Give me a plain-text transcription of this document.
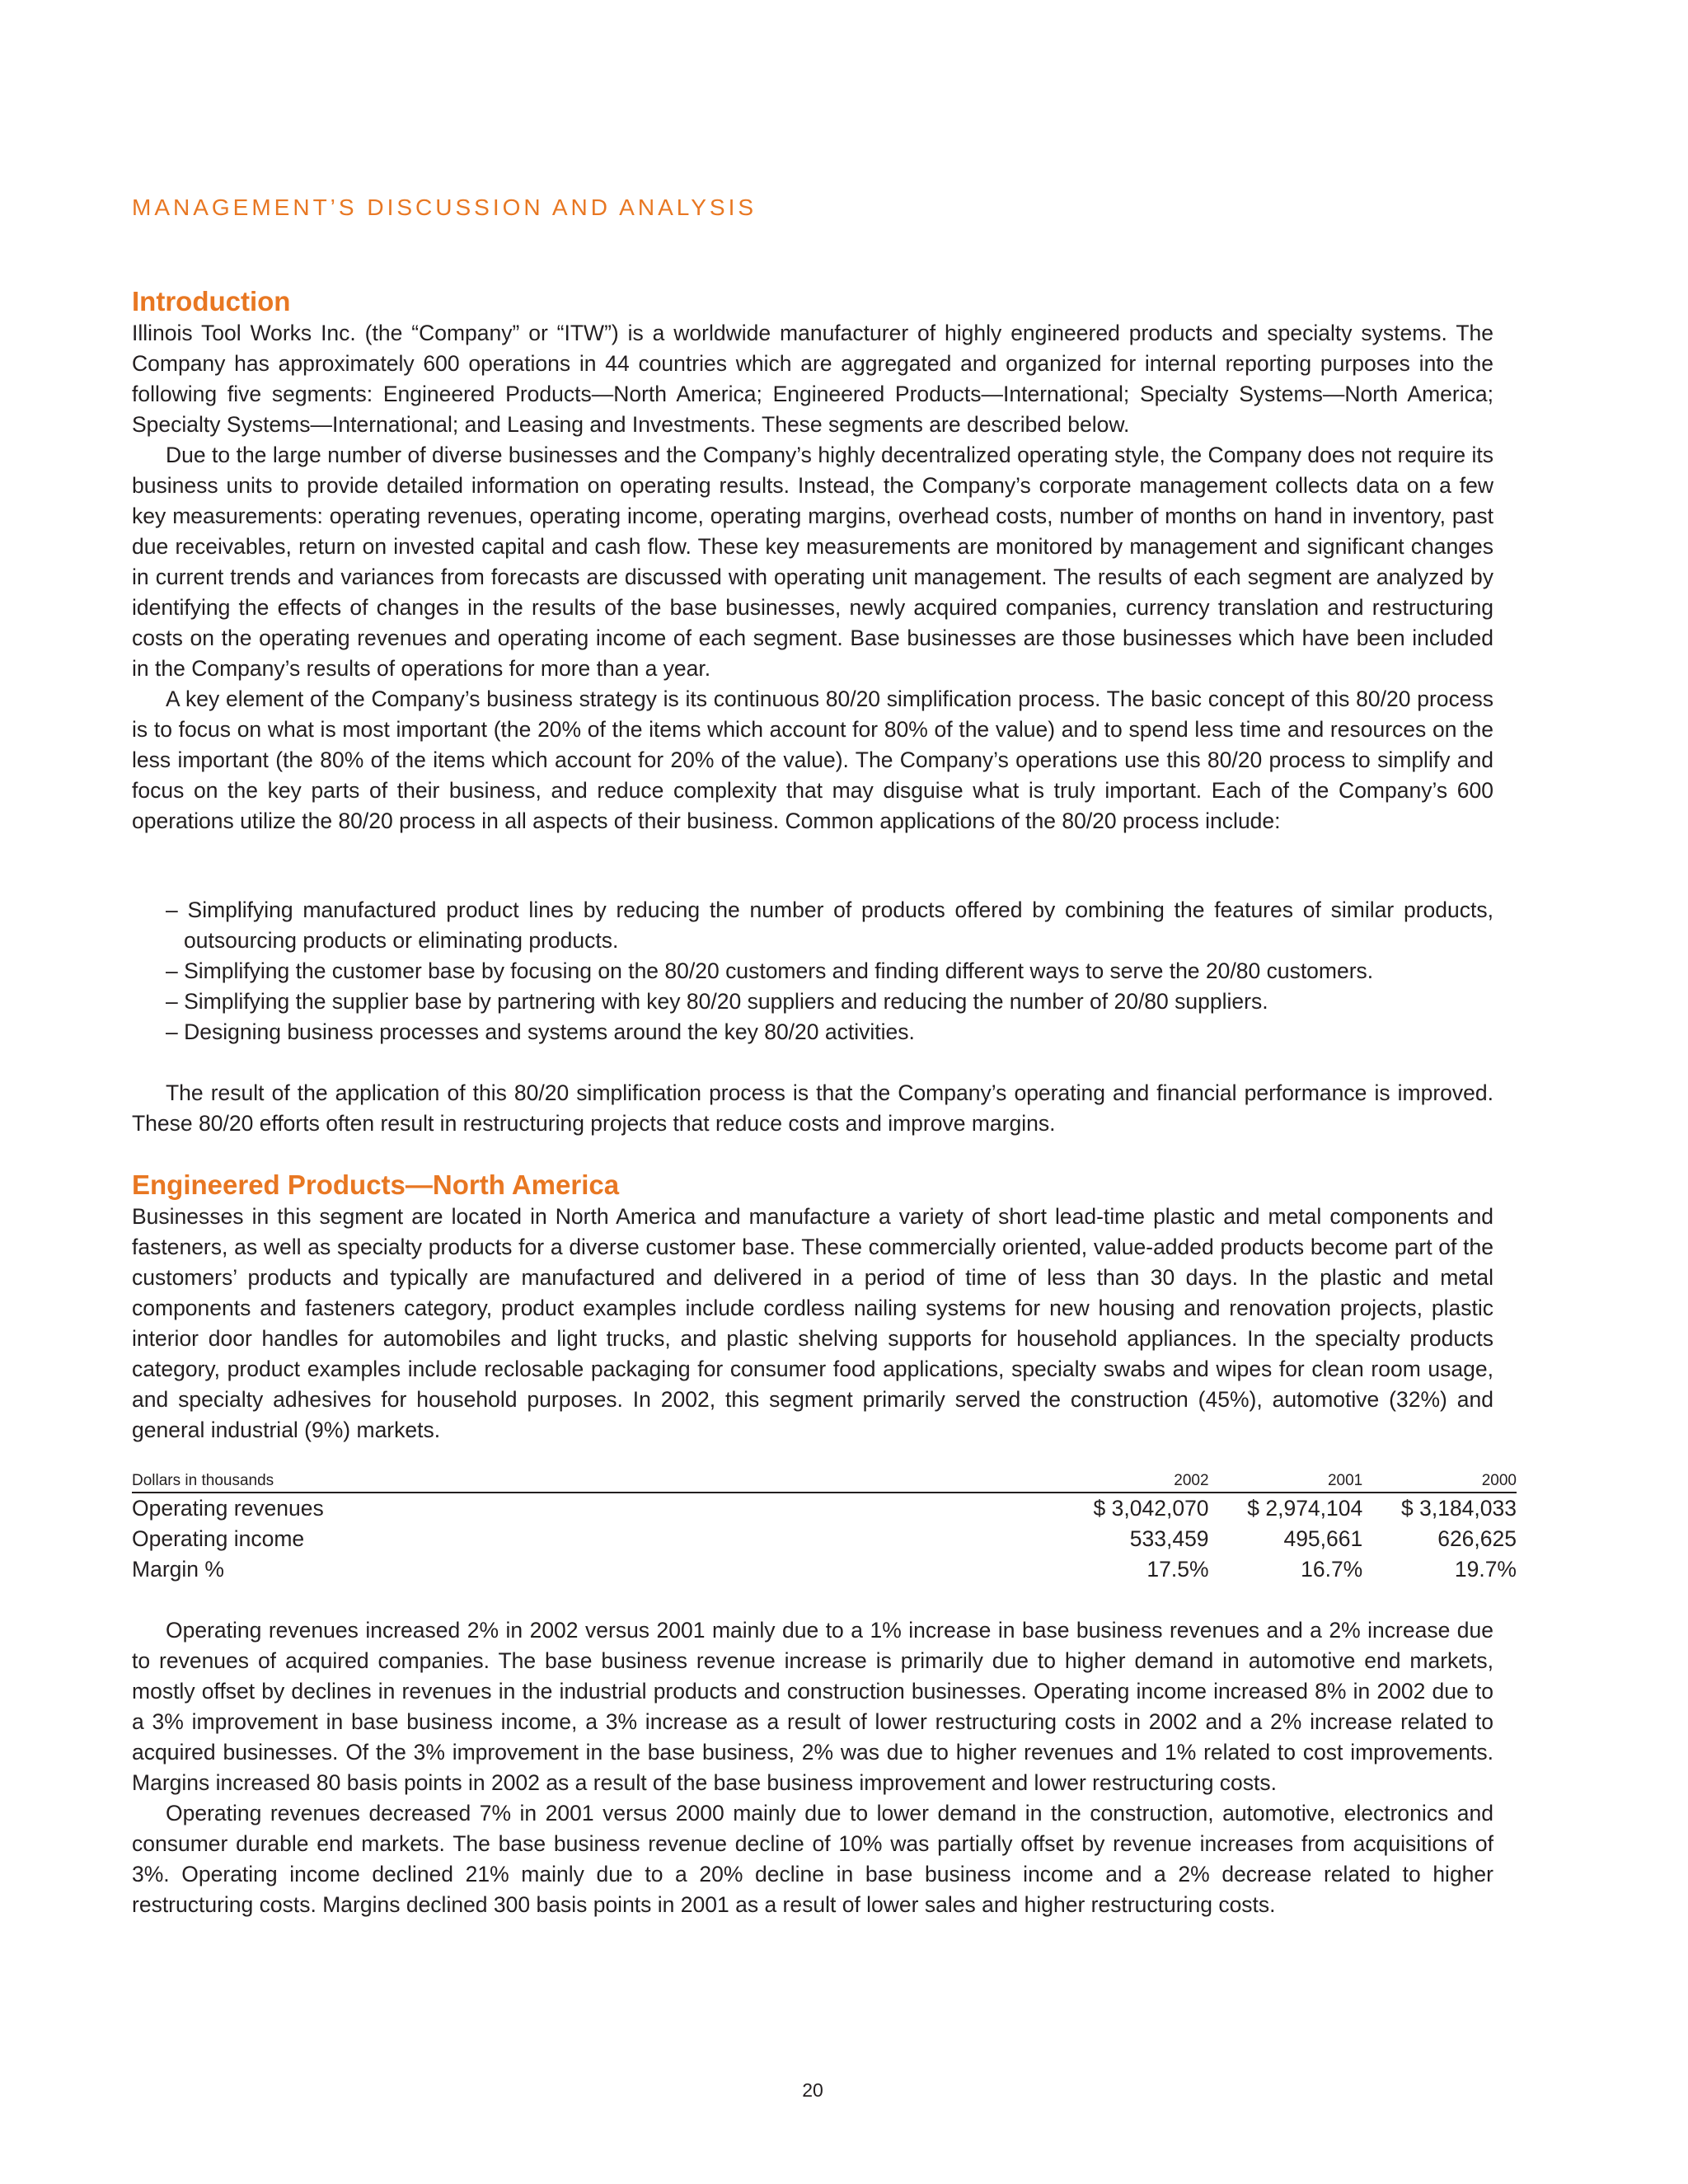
MANAGEMENT’S DISCUSSION AND ANALYSIS
Introduction

Illinois Tool Works Inc. (the “Company” or “ITW”) is a worldwide manufacturer of highly engineered products and specialty systems. The Company has approximately 600 operations in 44 countries which are aggregated and organized for internal reporting purposes into the following five segments: Engineered Products—North America; Engineered Products—International; Specialty Systems—North America; Specialty Systems—International; and Leasing and Investments. These segments are described below.

Due to the large number of diverse businesses and the Company’s highly decentralized operating style, the Company does not require its business units to provide detailed information on operating results. Instead, the Company’s corporate management collects data on a few key measurements: operating revenues, operating income, operating margins, overhead costs, number of months on hand in inventory, past due receivables, return on invested capital and cash flow. These key measurements are monitored by management and significant changes in current trends and variances from forecasts are discussed with operating unit management. The results of each segment are analyzed by identifying the effects of changes in the results of the base businesses, newly acquired companies, currency translation and restructuring costs on the operating revenues and operating income of each segment. Base businesses are those businesses which have been included in the Company’s results of operations for more than a year.

A key element of the Company’s business strategy is its continuous 80/20 simplification process. The basic concept of this 80/20 process is to focus on what is most important (the 20% of the items which account for 80% of the value) and to spend less time and resources on the less important (the 80% of the items which account for 20% of the value). The Company’s operations use this 80/20 process to simplify and focus on the key parts of their business, and reduce complexity that may disguise what is truly important. Each of the Company’s 600 operations utilize the 80/20 process in all aspects of their business. Common applications of the 80/20 process include:

– Simplifying manufactured product lines by reducing the number of products offered by combining the features of similar products, outsourcing products or eliminating products.
– Simplifying the customer base by focusing on the 80/20 customers and finding different ways to serve the 20/80 customers.
– Simplifying the supplier base by partnering with key 80/20 suppliers and reducing the number of 20/80 suppliers.
– Designing business processes and systems around the key 80/20 activities.

The result of the application of this 80/20 simplification process is that the Company’s operating and financial performance is improved. These 80/20 efforts often result in restructuring projects that reduce costs and improve margins.

Engineered Products—North America

Businesses in this segment are located in North America and manufacture a variety of short lead-time plastic and metal components and fasteners, as well as specialty products for a diverse customer base. These commercially oriented, value-added products become part of the customers’ products and typically are manufactured and delivered in a period of time of less than 30 days. In the plastic and metal components and fasteners category, product examples include cordless nailing systems for new housing and renovation projects, plastic interior door handles for automobiles and light trucks, and plastic shelving supports for household appliances. In the specialty products category, product examples include reclosable packaging for consumer food applications, specialty swabs and wipes for clean room usage, and specialty adhesives for household purposes. In 2002, this segment primarily served the construction (45%), automotive (32%) and general industrial (9%) markets.

Dollars in thousands	2002	2001	2000
Operating revenues	$ 3,042,070	$ 2,974,104	$ 3,184,033
Operating income	533,459	495,661	626,625
Margin %	17.5%	16.7%	19.7%

Operating revenues increased 2% in 2002 versus 2001 mainly due to a 1% increase in base business revenues and a 2% increase due to revenues of acquired companies. The base business revenue increase is primarily due to higher demand in automotive end markets, mostly offset by declines in revenues in the industrial products and construction businesses. Operating income increased 8% in 2002 due to a 3% improvement in base business income, a 3% increase as a result of lower restructuring costs in 2002 and a 2% increase related to acquired businesses. Of the 3% improvement in the base business, 2% was due to higher revenues and 1% related to cost improvements. Margins increased 80 basis points in 2002 as a result of the base business improvement and lower restructuring costs.

Operating revenues decreased 7% in 2001 versus 2000 mainly due to lower demand in the construction, automotive, electronics and consumer durable end markets. The base business revenue decline of 10% was partially offset by revenue increases from acquisitions of 3%. Operating income declined 21% mainly due to a 20% decline in base business income and a 2% decrease related to higher restructuring costs. Margins declined 300 basis points in 2001 as a result of lower sales and higher restructuring costs.

20
